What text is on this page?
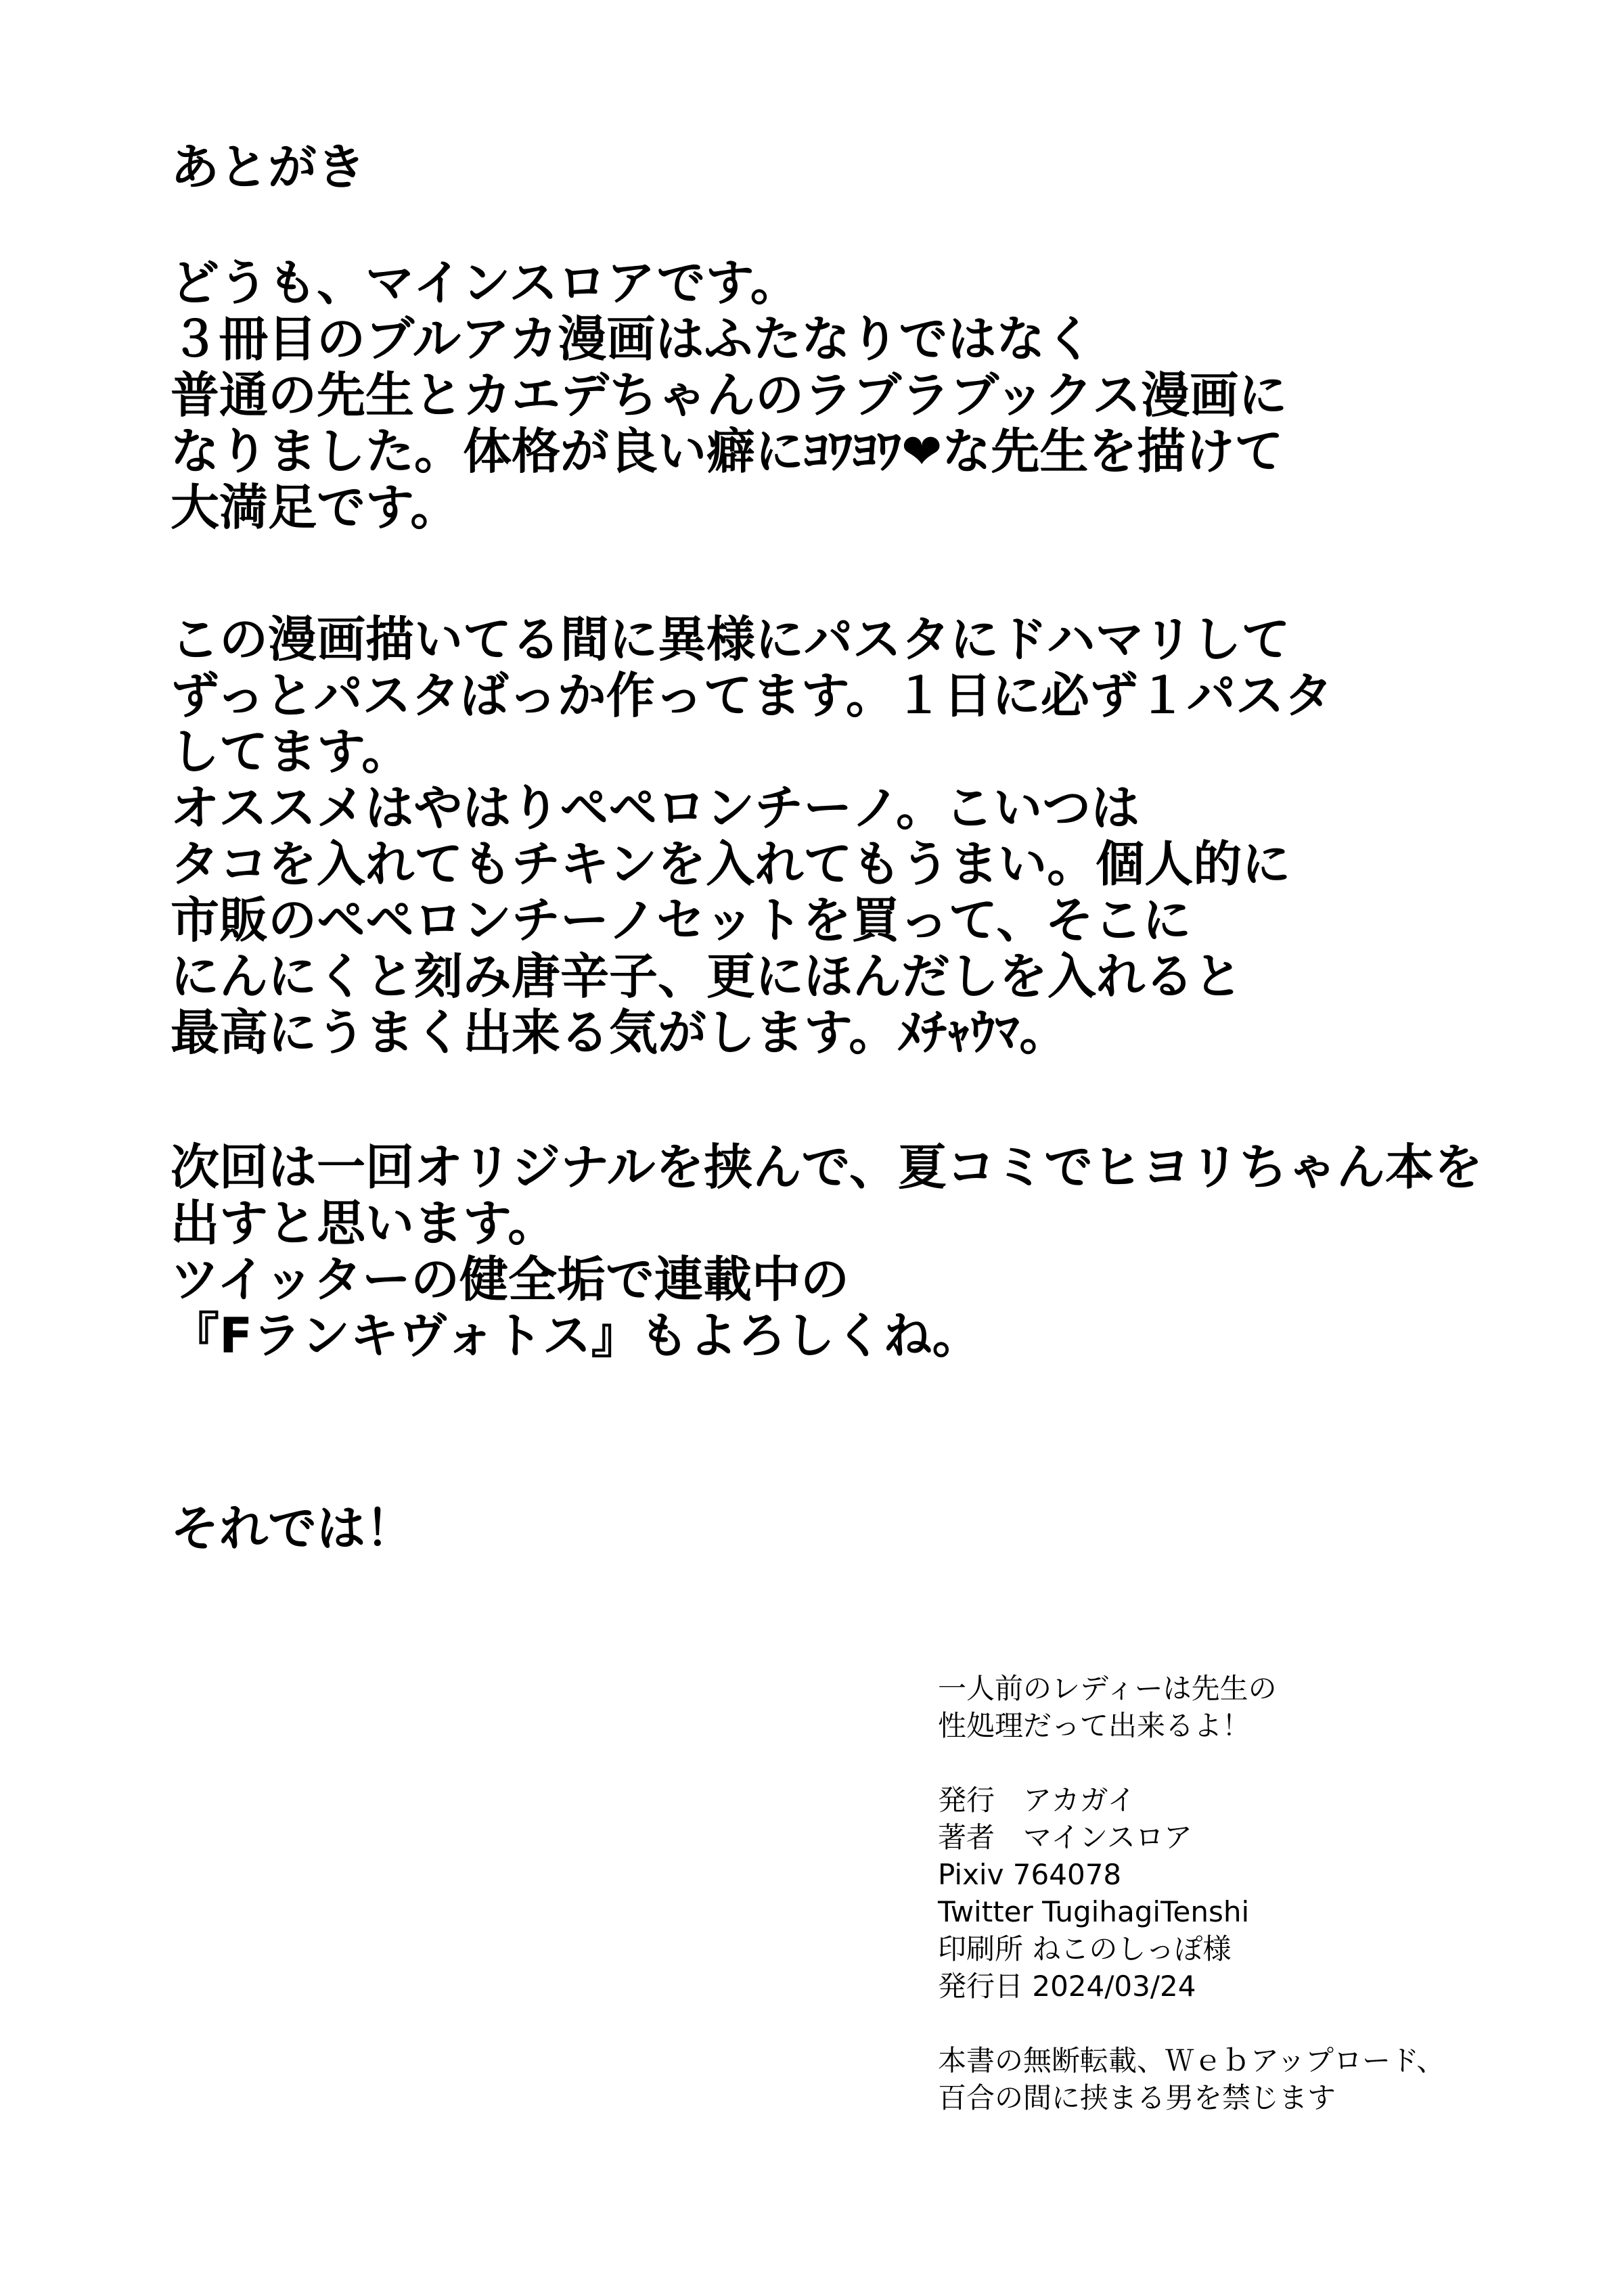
あとがき
どうも、マインスロアです。
３冊目のブルアカ漫画はふたなりではなく
普通の先生とカエデちゃんのラブラブックス漫画に
なりました。体格が良い癖にﾖﾜﾖﾜ❤な先生を描けて
大満足です。
この漫画描いてる間に異様にパスタにドハマリして
ずっとパスタばっか作ってます。１日に必ず１パスタ
してます。
オススメはやはりペペロンチーノ。こいつは
タコを入れてもチキンを入れてもうまい。個人的に
市販のペペロンチーノセットを買って、そこに
にんにくと刻み唐辛子、更にほんだしを入れると
最高にうまく出来る気がします。ﾒﾁｬｳﾏ。
次回は一回オリジナルを挟んで、夏コミでヒヨリちゃん本を
出すと思います。
ツイッターの健全垢で連載中の
『Fランキヴォトス』もよろしくね。
それでは！
一人前のレディーは先生の
性処理だって出来るよ！
発行　アカガイ
著者　マインスロア
Pixiv 764078
Twitter TugihagiTenshi
印刷所 ねこのしっぽ様
発行日 2024/03/24
本書の無断転載、Ｗｅｂアップロード、
百合の間に挟まる男を禁じます
